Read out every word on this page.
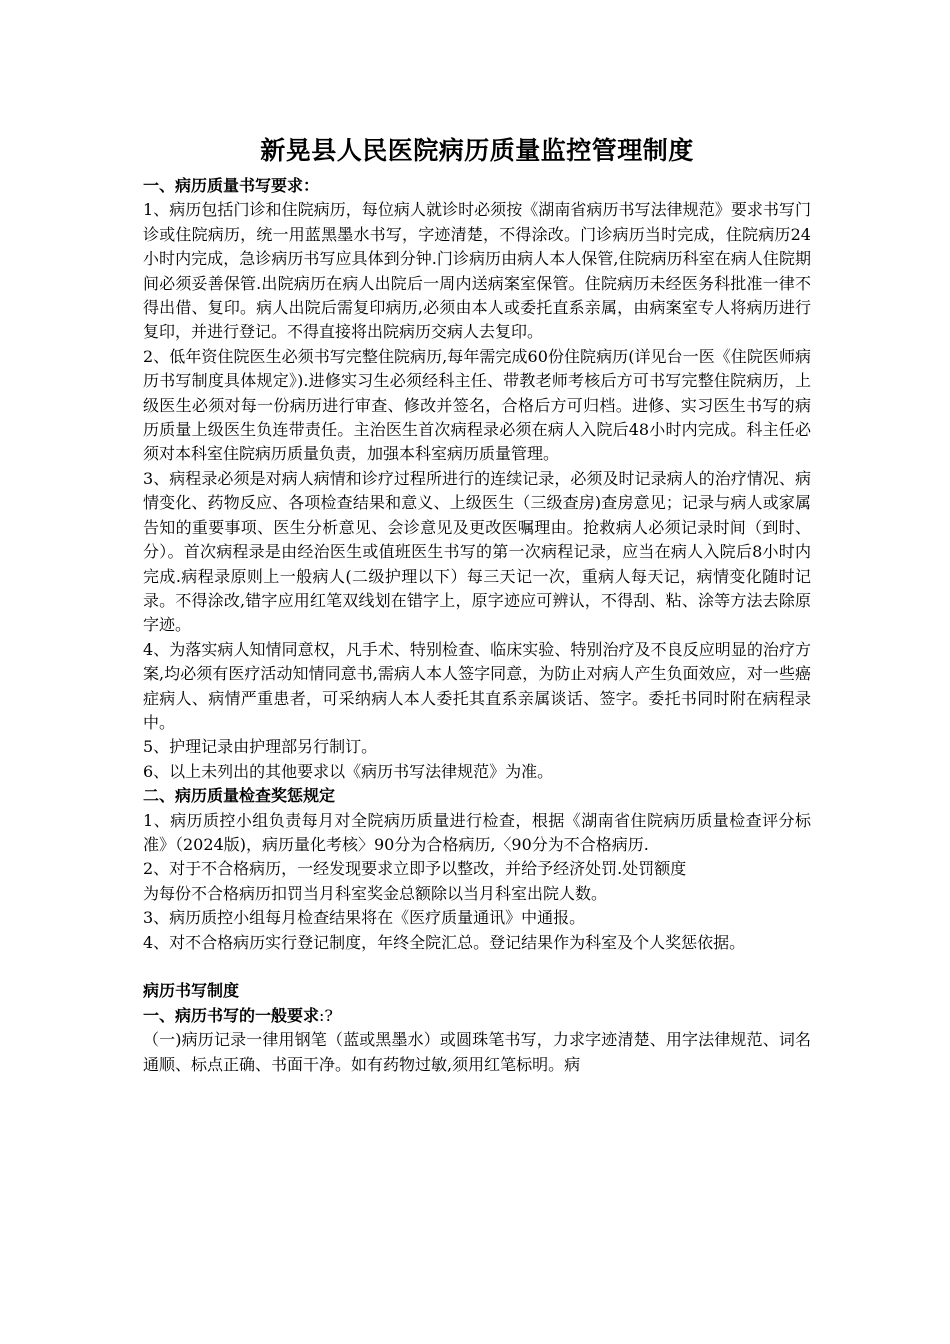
新晃县人民医院病历质量监控管理制度

一、病历质量书写要求：

1、病历包括门诊和住院病历，每位病人就诊时必须按《湖南省病历书写法律规范》要求书写门诊或住院病历，统一用蓝黑墨水书写，字迹清楚，不得涂改。门诊病历当时完成，住院病历24小时内完成，急诊病历书写应具体到分钟.门诊病历由病人本人保管,住院病历科室在病人住院期间必须妥善保管.出院病历在病人出院后一周内送病案室保管。住院病历未经医务科批准一律不得出借、复印。病人出院后需复印病历,必须由本人或委托直系亲属，由病案室专人将病历进行复印，并进行登记。不得直接将出院病历交病人去复印。

2、低年资住院医生必须书写完整住院病历,每年需完成60份住院病历(详见台一医《住院医师病历书写制度具体规定》).进修实习生必须经科主任、带教老师考核后方可书写完整住院病历，上级医生必须对每一份病历进行审查、修改并签名，合格后方可归档。进修、实习医生书写的病历质量上级医生负连带责任。主治医生首次病程录必须在病人入院后48小时内完成。科主任必须对本科室住院病历质量负责，加强本科室病历质量管理。

3、病程录必须是对病人病情和诊疗过程所进行的连续记录，必须及时记录病人的治疗情况、病情变化、药物反应、各项检查结果和意义、上级医生（三级查房)查房意见；记录与病人或家属告知的重要事项、医生分析意见、会诊意见及更改医嘱理由。抢救病人必须记录时间（到时、分）。首次病程录是由经治医生或值班医生书写的第一次病程记录，应当在病人入院后8小时内完成.病程录原则上一般病人(二级护理以下）每三天记一次，重病人每天记，病情变化随时记录。不得涂改,错字应用红笔双线划在错字上，原字迹应可辨认，不得刮、粘、涂等方法去除原字迹。

4、为落实病人知情同意权，凡手术、特别检查、临床实验、特别治疗及不良反应明显的治疗方案,均必须有医疗活动知情同意书,需病人本人签字同意，为防止对病人产生负面效应，对一些癌症病人、病情严重患者，可采纳病人本人委托其直系亲属谈话、签字。委托书同时附在病程录中。

5、护理记录由护理部另行制订。

6、以上未列出的其他要求以《病历书写法律规范》为准。

二、病历质量检查奖惩规定

1、病历质控小组负责每月对全院病历质量进行检查，根据《湖南省住院病历质量检查评分标准》（2024版)，病历量化考核〉90分为合格病历,〈90分为不合格病历.

2、对于不合格病历，一经发现要求立即予以整改，并给予经济处罚.处罚额度

为每份不合格病历扣罚当月科室奖金总额除以当月科室出院人数。

3、病历质控小组每月检查结果将在《医疗质量通讯》中通报。

4、对不合格病历实行登记制度，年终全院汇总。登记结果作为科室及个人奖惩依据。

病历书写制度

一、病历书写的一般要求:?

（一)病历记录一律用钢笔（蓝或黑墨水）或圆珠笔书写，力求字迹清楚、用字法律规范、词名通顺、标点正确、书面干净。如有药物过敏,须用红笔标明。病
